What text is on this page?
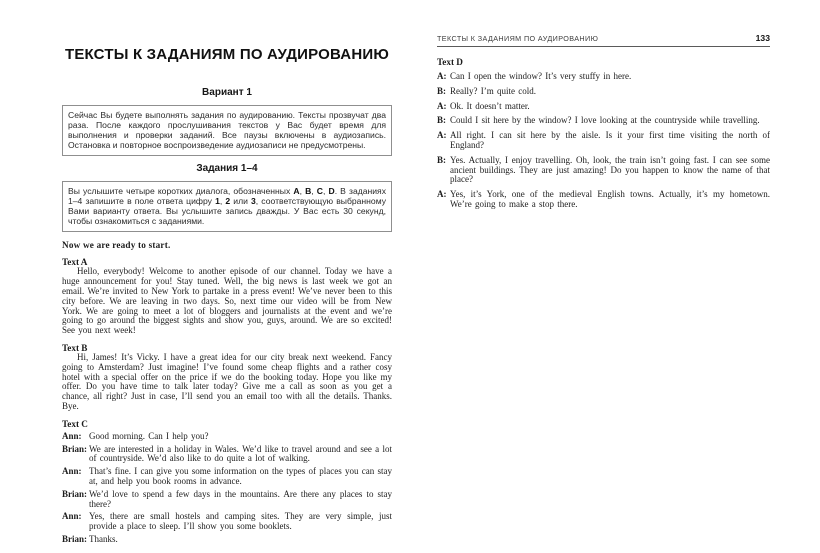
ТЕКСТЫ К ЗАДАНИЯМ ПО АУДИРОВАНИЮ
Вариант 1
Сейчас Вы будете выполнять задания по аудированию. Тексты прозвучат два раза. После каждого прослушивания текстов у Вас будет время для выполнения и проверки заданий. Все паузы включены в аудиозапись. Остановка и повторное воспроизведение аудиозаписи не предусмотрены.
Задания 1–4
Вы услышите четыре коротких диалога, обозначенных A, B, C, D. В заданиях 1–4 запишите в поле ответа цифру 1, 2 или 3, соответствующую выбранному Вами варианту ответа. Вы услышите запись дважды. У Вас есть 30 секунд, чтобы ознакомиться с заданиями.
Now we are ready to start.
Text A
Hello, everybody! Welcome to another episode of our channel. Today we have a huge announcement for you! Stay tuned. Well, the big news is last week we got an email. We’re invited to New York to partake in a press event! We’ve never been to this city before. We are leaving in two days. So, next time our video will be from New York. We are going to meet a lot of bloggers and journalists at the event and we’re going to go around the biggest sights and show you, guys, around. We are so excited! See you next week!
Text B
Hi, James! It’s Vicky. I have a great idea for our city break next weekend. Fancy going to Amsterdam? Just imagine! I’ve found some cheap flights and a rather cosy hotel with a special offer on the price if we do the booking today. Hope you like my offer. Do you have time to talk later today? Give me a call as soon as you get a chance, all right? Just in case, I’ll send you an email too with all the details. Thanks. Bye.
Text C
Ann: Good morning. Can I help you?
Brian: We are interested in a holiday in Wales. We’d like to travel around and see a lot of countryside. We’d also like to do quite a lot of walking.
Ann: That’s fine. I can give you some information on the types of places you can stay at, and help you book rooms in advance.
Brian: We’d love to spend a few days in the mountains. Are there any places to stay there?
Ann: Yes, there are small hostels and camping sites. They are very simple, just provide a place to sleep. I’ll show you some booklets.
Brian: Thanks.
ТЕКСТЫ К ЗАДАНИЯМ ПО АУДИРОВАНИЮ	133
Text D
A: Can I open the window? It’s very stuffy in here.
B: Really? I’m quite cold.
A: Ok. It doesn’t matter.
B: Could I sit here by the window? I love looking at the countryside while travelling.
A: All right. I can sit here by the aisle. Is it your first time visiting the north of England?
B: Yes. Actually, I enjoy travelling. Oh, look, the train isn’t going fast. I can see some ancient buildings. They are just amazing! Do you happen to know the name of that place?
A: Yes, it’s York, one of the medieval English towns. Actually, it’s my hometown. We’re going to make a stop there.
